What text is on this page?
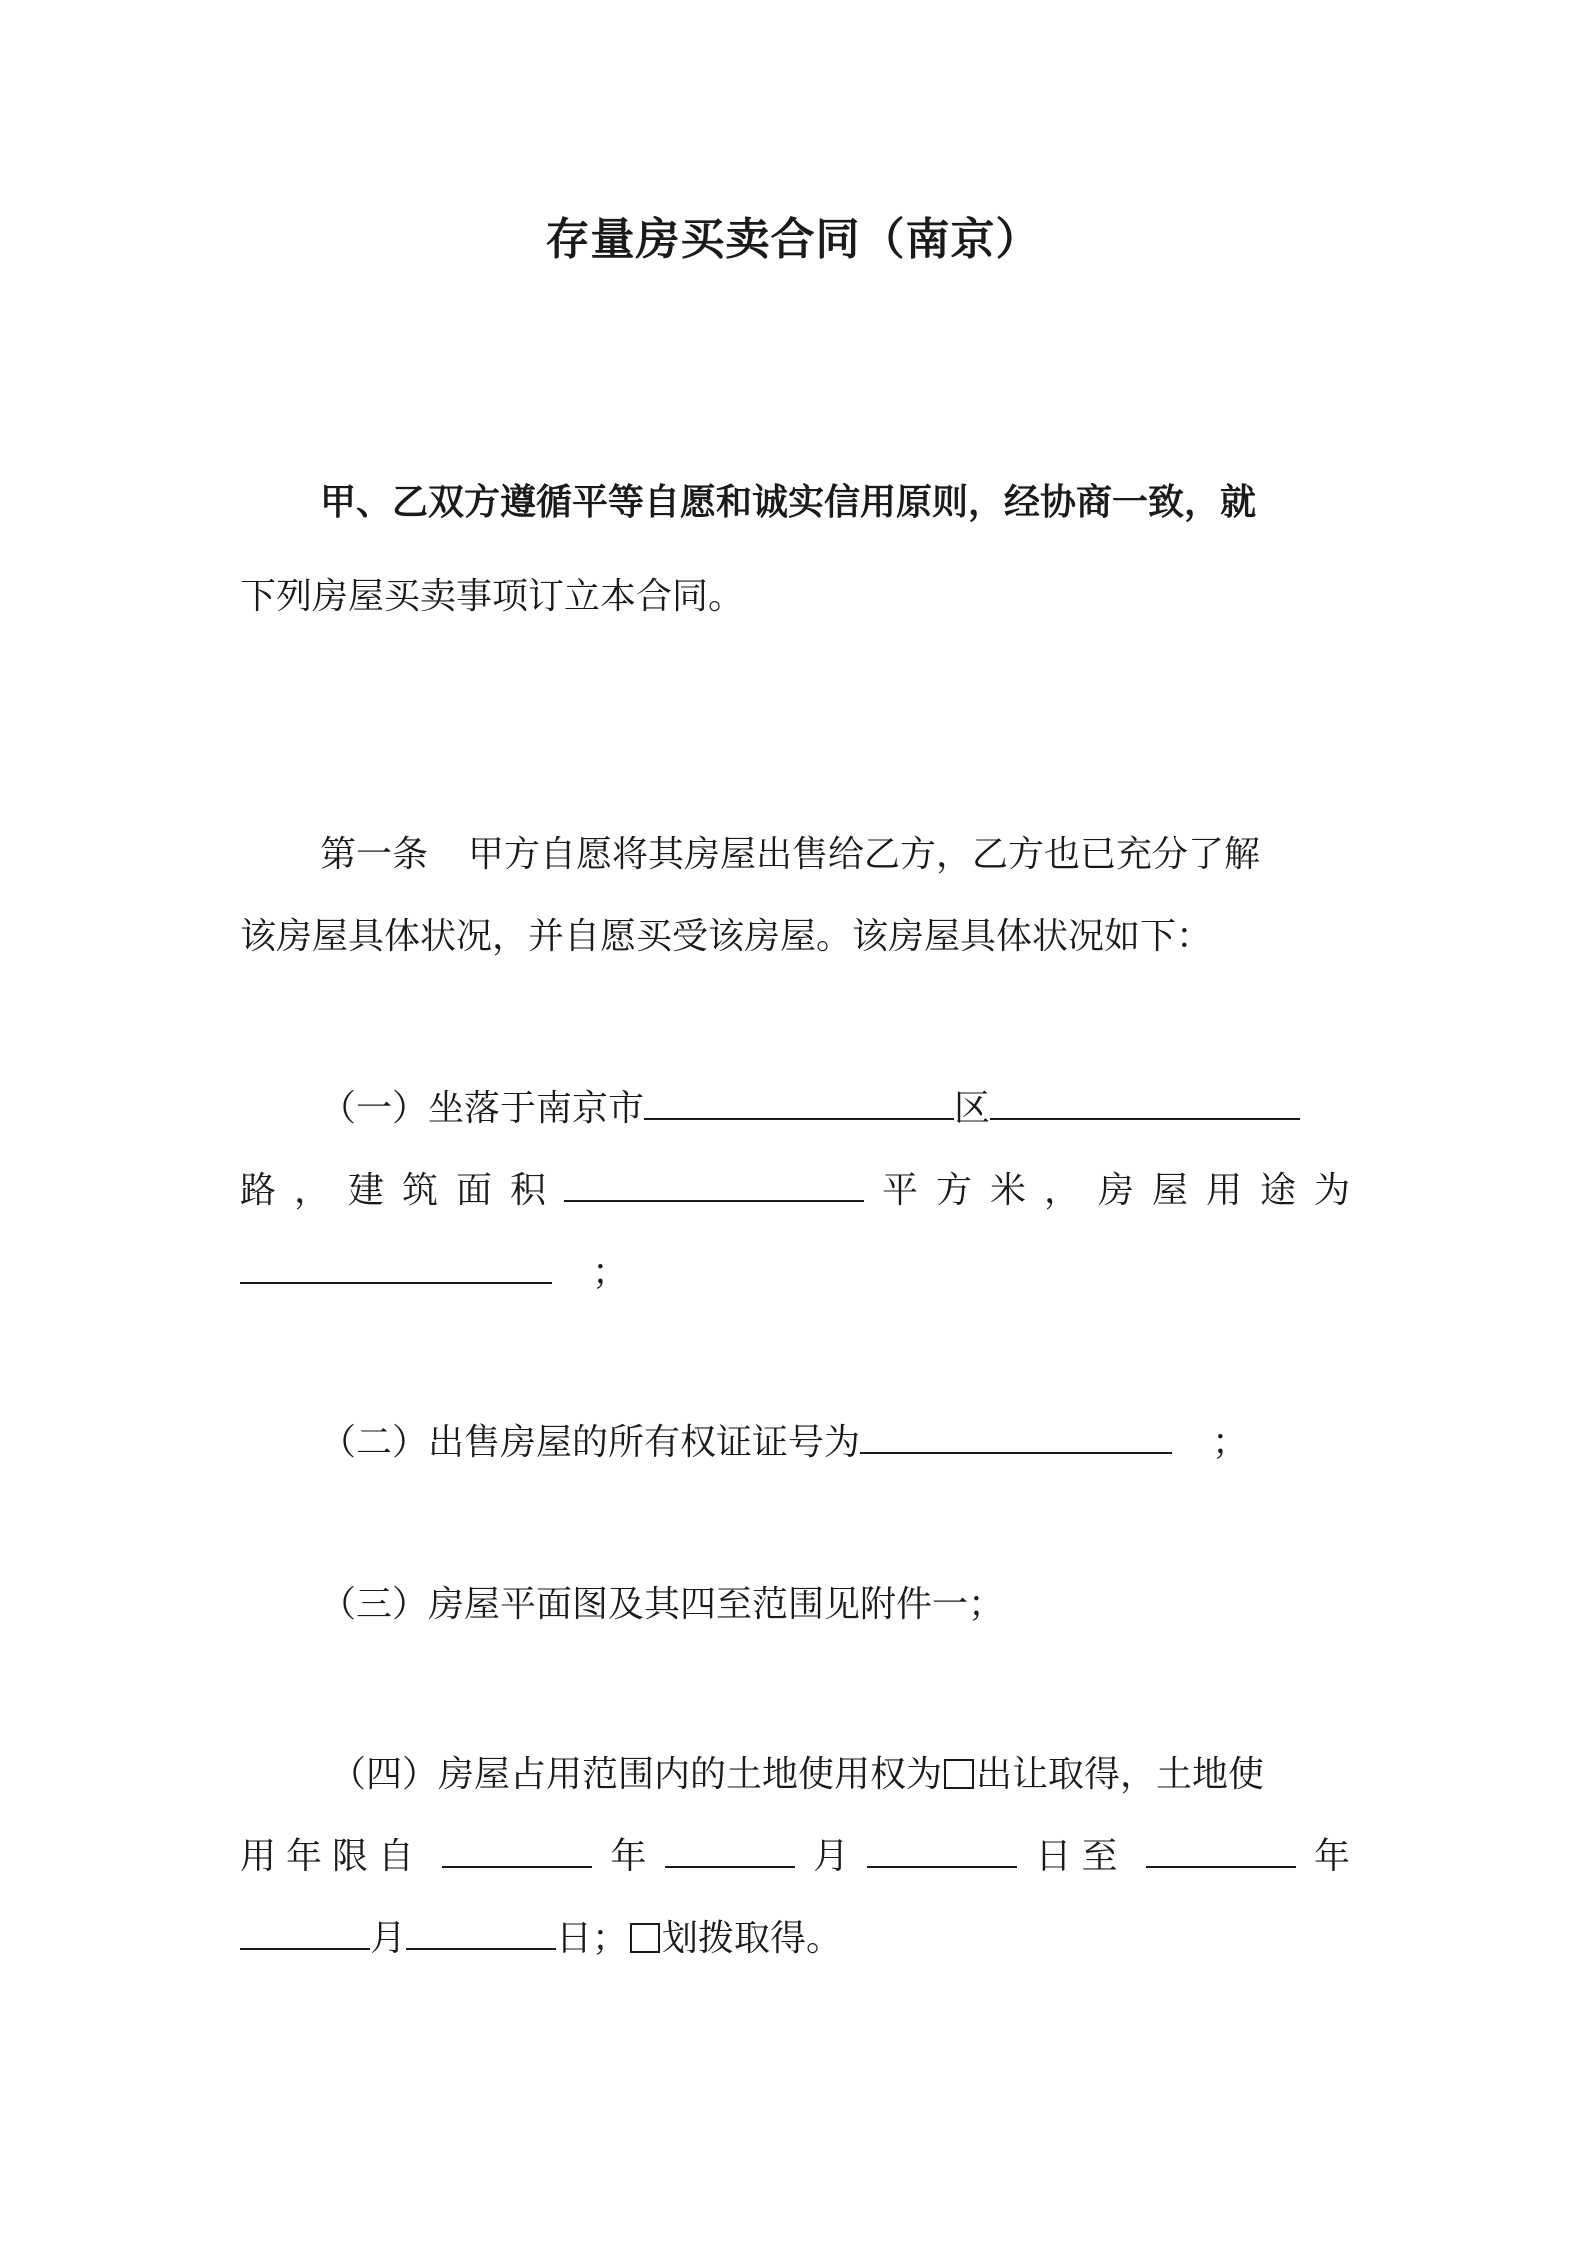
存量房买卖合同（南京）
甲、乙双方遵循平等自愿和诚实信用原则，经协商一致，就
下列房屋买卖事项订立本合同。
第一条 甲方自愿将其房屋出售给乙方，乙方也已充分了解
该房屋具体状况，并自愿买受该房屋。该房屋具体状况如下：
（一）坐落于南京市	区
路 ， 建 筑 面 积	平 方 米 ， 房 屋 用 途 为
；
（二）出售房屋的所有权证证号为	；
（三）房屋平面图及其四至范围见附件一；
（四）房屋占用范围内的土地使用权为 出让取得，土地使
用年限自	年	月	日至	年
月	日； 划拨取得。
